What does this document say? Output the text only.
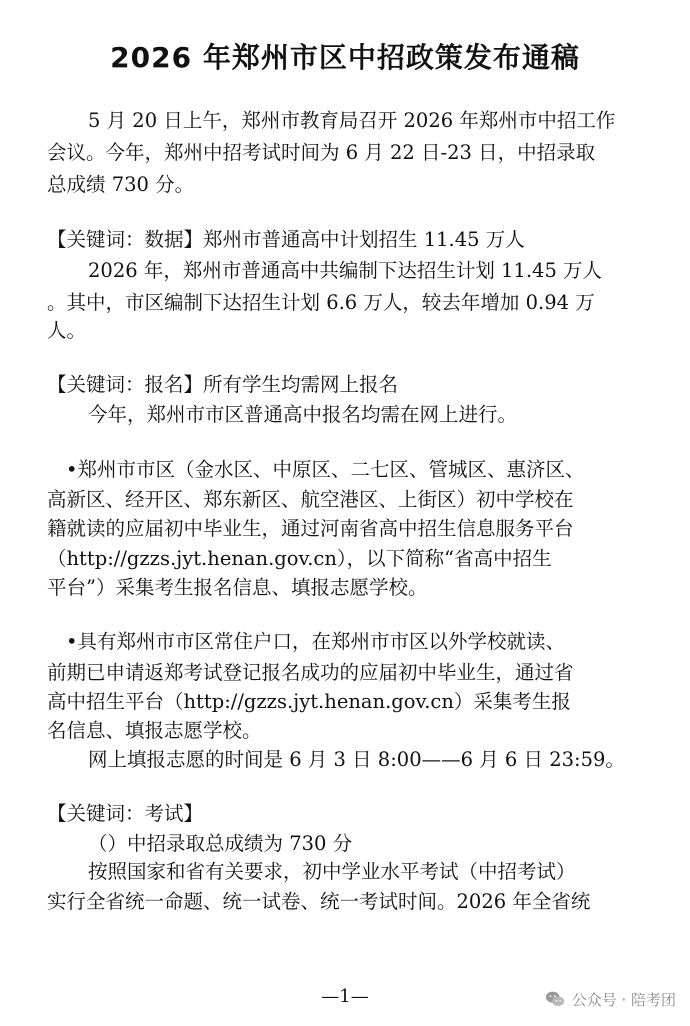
2026 年郑州市区中招政策发布通稿
5 月 20 日上午，郑州市教育局召开 2026 年郑州市中招工作
会议。今年，郑州中招考试时间为 6 月 22 日-23 日，中招录取
总成绩 730 分。
【关键词：数据】郑州市普通高中计划招生 11.45 万人
2026 年，郑州市普通高中共编制下达招生计划 11.45 万人
。其中，市区编制下达招生计划 6.6 万人，较去年增加 0.94 万
人。
【关键词：报名】所有学生均需网上报名
今年，郑州市市区普通高中报名均需在网上进行。
•郑州市市区（金水区、中原区、二七区、管城区、惠济区、
高新区、经开区、郑东新区、航空港区、上街区）初中学校在
籍就读的应届初中毕业生，通过河南省高中招生信息服务平台
（http://gzzs.jyt.henan.gov.cn），以下简称“省高中招生
平台”）采集考生报名信息、填报志愿学校。
•具有郑州市市区常住户口，在郑州市市区以外学校就读、
前期已申请返郑考试登记报名成功的应届初中毕业生，通过省
高中招生平台（http://gzzs.jyt.henan.gov.cn）采集考生报
名信息、填报志愿学校。
网上填报志愿的时间是 6 月 3 日 8:00——6 月 6 日 23:59。
【关键词：考试】
（）中招录取总成绩为 730 分
按照国家和省有关要求，初中学业水平考试（中招考试）
实行全省统一命题、统一试卷、统一考试时间。2026 年全省统
—1—	公众号 · 陪考团
